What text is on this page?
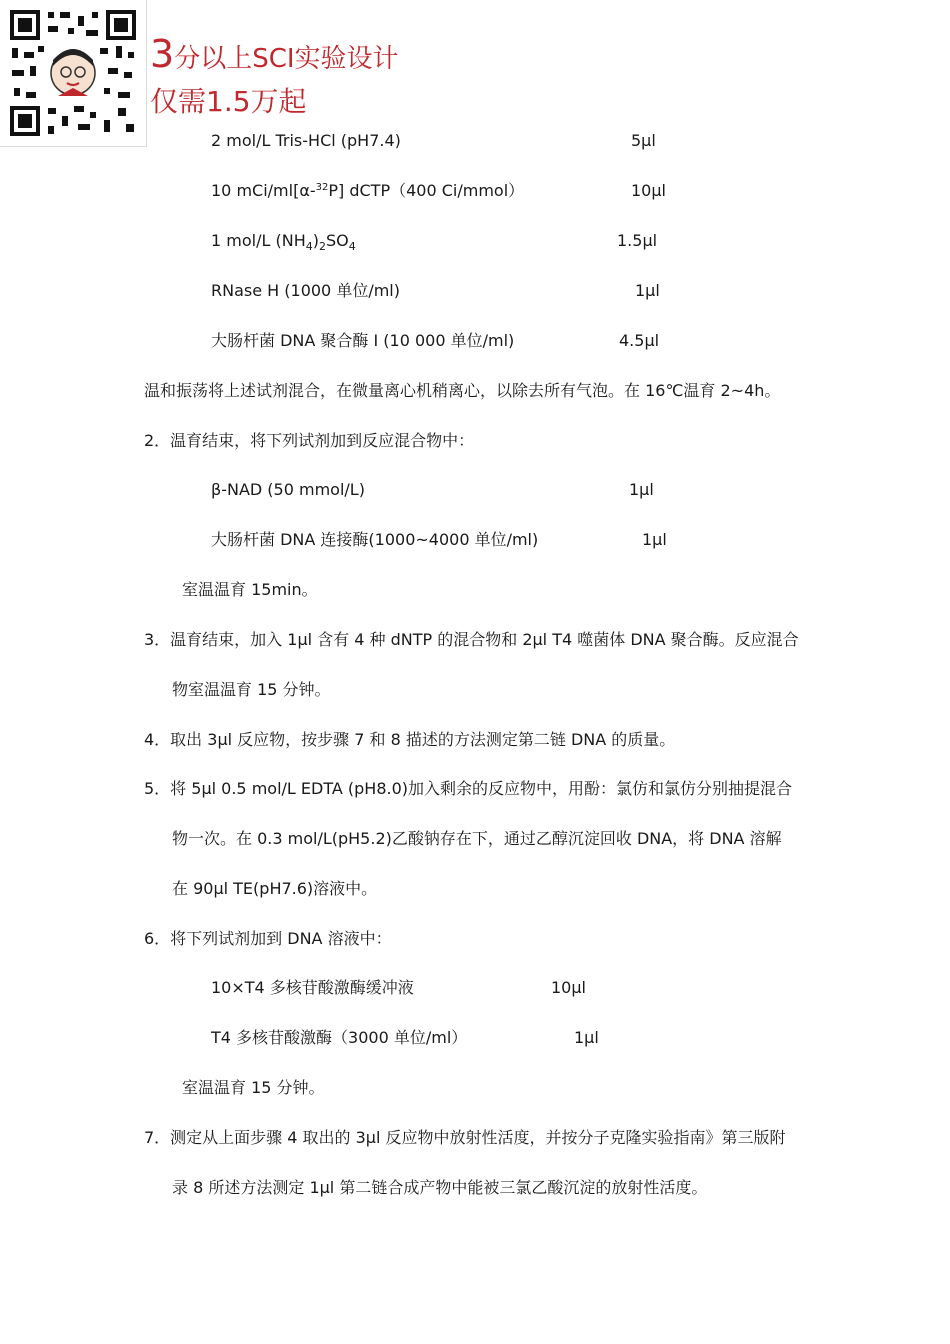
3分以上SCI实验设计
仅需1.5万起
2 mol/L Tris-HCl (pH7.4)	5μl
10 mCi/ml[α-$^{32}$P] dCTP（400 Ci/mmol）	10μl
1 mol/L $(NH_4)_2SO_4$	1.5μl
RNase H (1000 单位/ml)	1μl
大肠杆菌 DNA 聚合酶 I (10 000 单位/ml)	4.5μl
温和振荡将上述试剂混合，在微量离心机稍离心，以除去所有气泡。在 16℃温育 2~4h。
2．温育结束，将下列试剂加到反应混合物中：
β-NAD (50 mmol/L)	1μl
大肠杆菌 DNA 连接酶(1000~4000 单位/ml)	1μl
室温温育 15min。
3．温育结束，加入 1μl 含有 4 种 dNTP 的混合物和 2μl T4 噬菌体 DNA 聚合酶。反应混合
物室温温育 15 分钟。
4．取出 3μl 反应物，按步骤 7 和 8 描述的方法测定第二链 DNA 的质量。
5．将 5μl 0.5 mol/L EDTA (pH8.0)加入剩余的反应物中，用酚：氯仿和氯仿分别抽提混合
物一次。在 0.3 mol/L(pH5.2)乙酸钠存在下，通过乙醇沉淀回收 DNA，将 DNA 溶解
在 90μl TE(pH7.6)溶液中。
6．将下列试剂加到 DNA 溶液中：
10×T4 多核苷酸激酶缓冲液	10μl
T4 多核苷酸激酶（3000 单位/ml）	1μl
室温温育 15 分钟。
7．测定从上面步骤 4 取出的 3μl 反应物中放射性活度，并按分子克隆实验指南》第三版附
录 8 所述方法测定 1μl 第二链合成产物中能被三氯乙酸沉淀的放射性活度。
